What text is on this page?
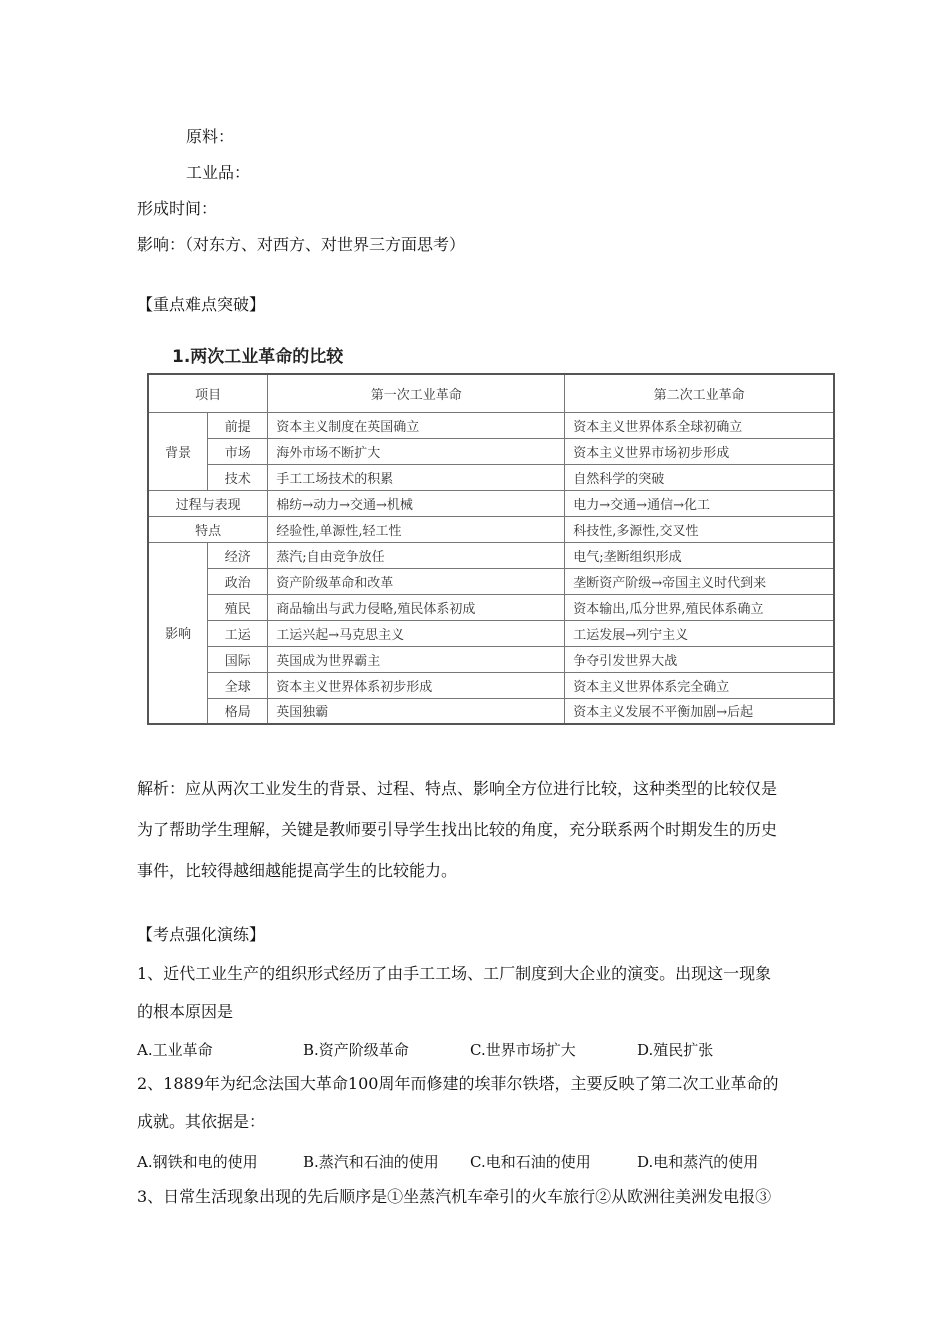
原料：
工业品：
形成时间：
影响：（对东方、对西方、对世界三方面思考）
【重点难点突破】
1.两次工业革命的比较
项目		第一次工业革命	第二次工业革命
背景	前提	资本主义制度在英国确立	资本主义世界体系全球初确立
	市场	海外市场不断扩大	资本主义世界市场初步形成
	技术	手工工场技术的积累	自然科学的突破
过程与表现		棉纺→动力→交通→机械	电力→交通→通信→化工
特点		经验性,单源性,轻工性	科技性,多源性,交叉性
影响	经济	蒸汽;自由竞争放任	电气;垄断组织形成
	政治	资产阶级革命和改革	垄断资产阶级→帝国主义时代到来
	殖民	商品输出与武力侵略,殖民体系初成	资本输出,瓜分世界,殖民体系确立
	工运	工运兴起→马克思主义	工运发展→列宁主义
	国际	英国成为世界霸主	争夺引发世界大战
	全球	资本主义世界体系初步形成	资本主义世界体系完全确立
	格局	英国独霸	资本主义发展不平衡加剧→后起
解析：应从两次工业发生的背景、过程、特点、影响全方位进行比较，这种类型的比较仅是
为了帮助学生理解，关键是教师要引导学生找出比较的角度，充分联系两个时期发生的历史
事件，比较得越细越能提高学生的比较能力。
【考点强化演练】
1、近代工业生产的组织形式经历了由手工工场、工厂制度到大企业的演变。出现这一现象
的根本原因是
A.工业革命	B.资产阶级革命	C.世界市场扩大	D.殖民扩张
2、1889年为纪念法国大革命100周年而修建的埃菲尔铁塔，主要反映了第二次工业革命的
成就。其依据是：
A.钢铁和电的使用	B.蒸汽和石油的使用 C.电和石油的使用	D.电和蒸汽的使用
3、日常生活现象出现的先后顺序是①坐蒸汽机车牵引的火车旅行②从欧洲往美洲发电报③
